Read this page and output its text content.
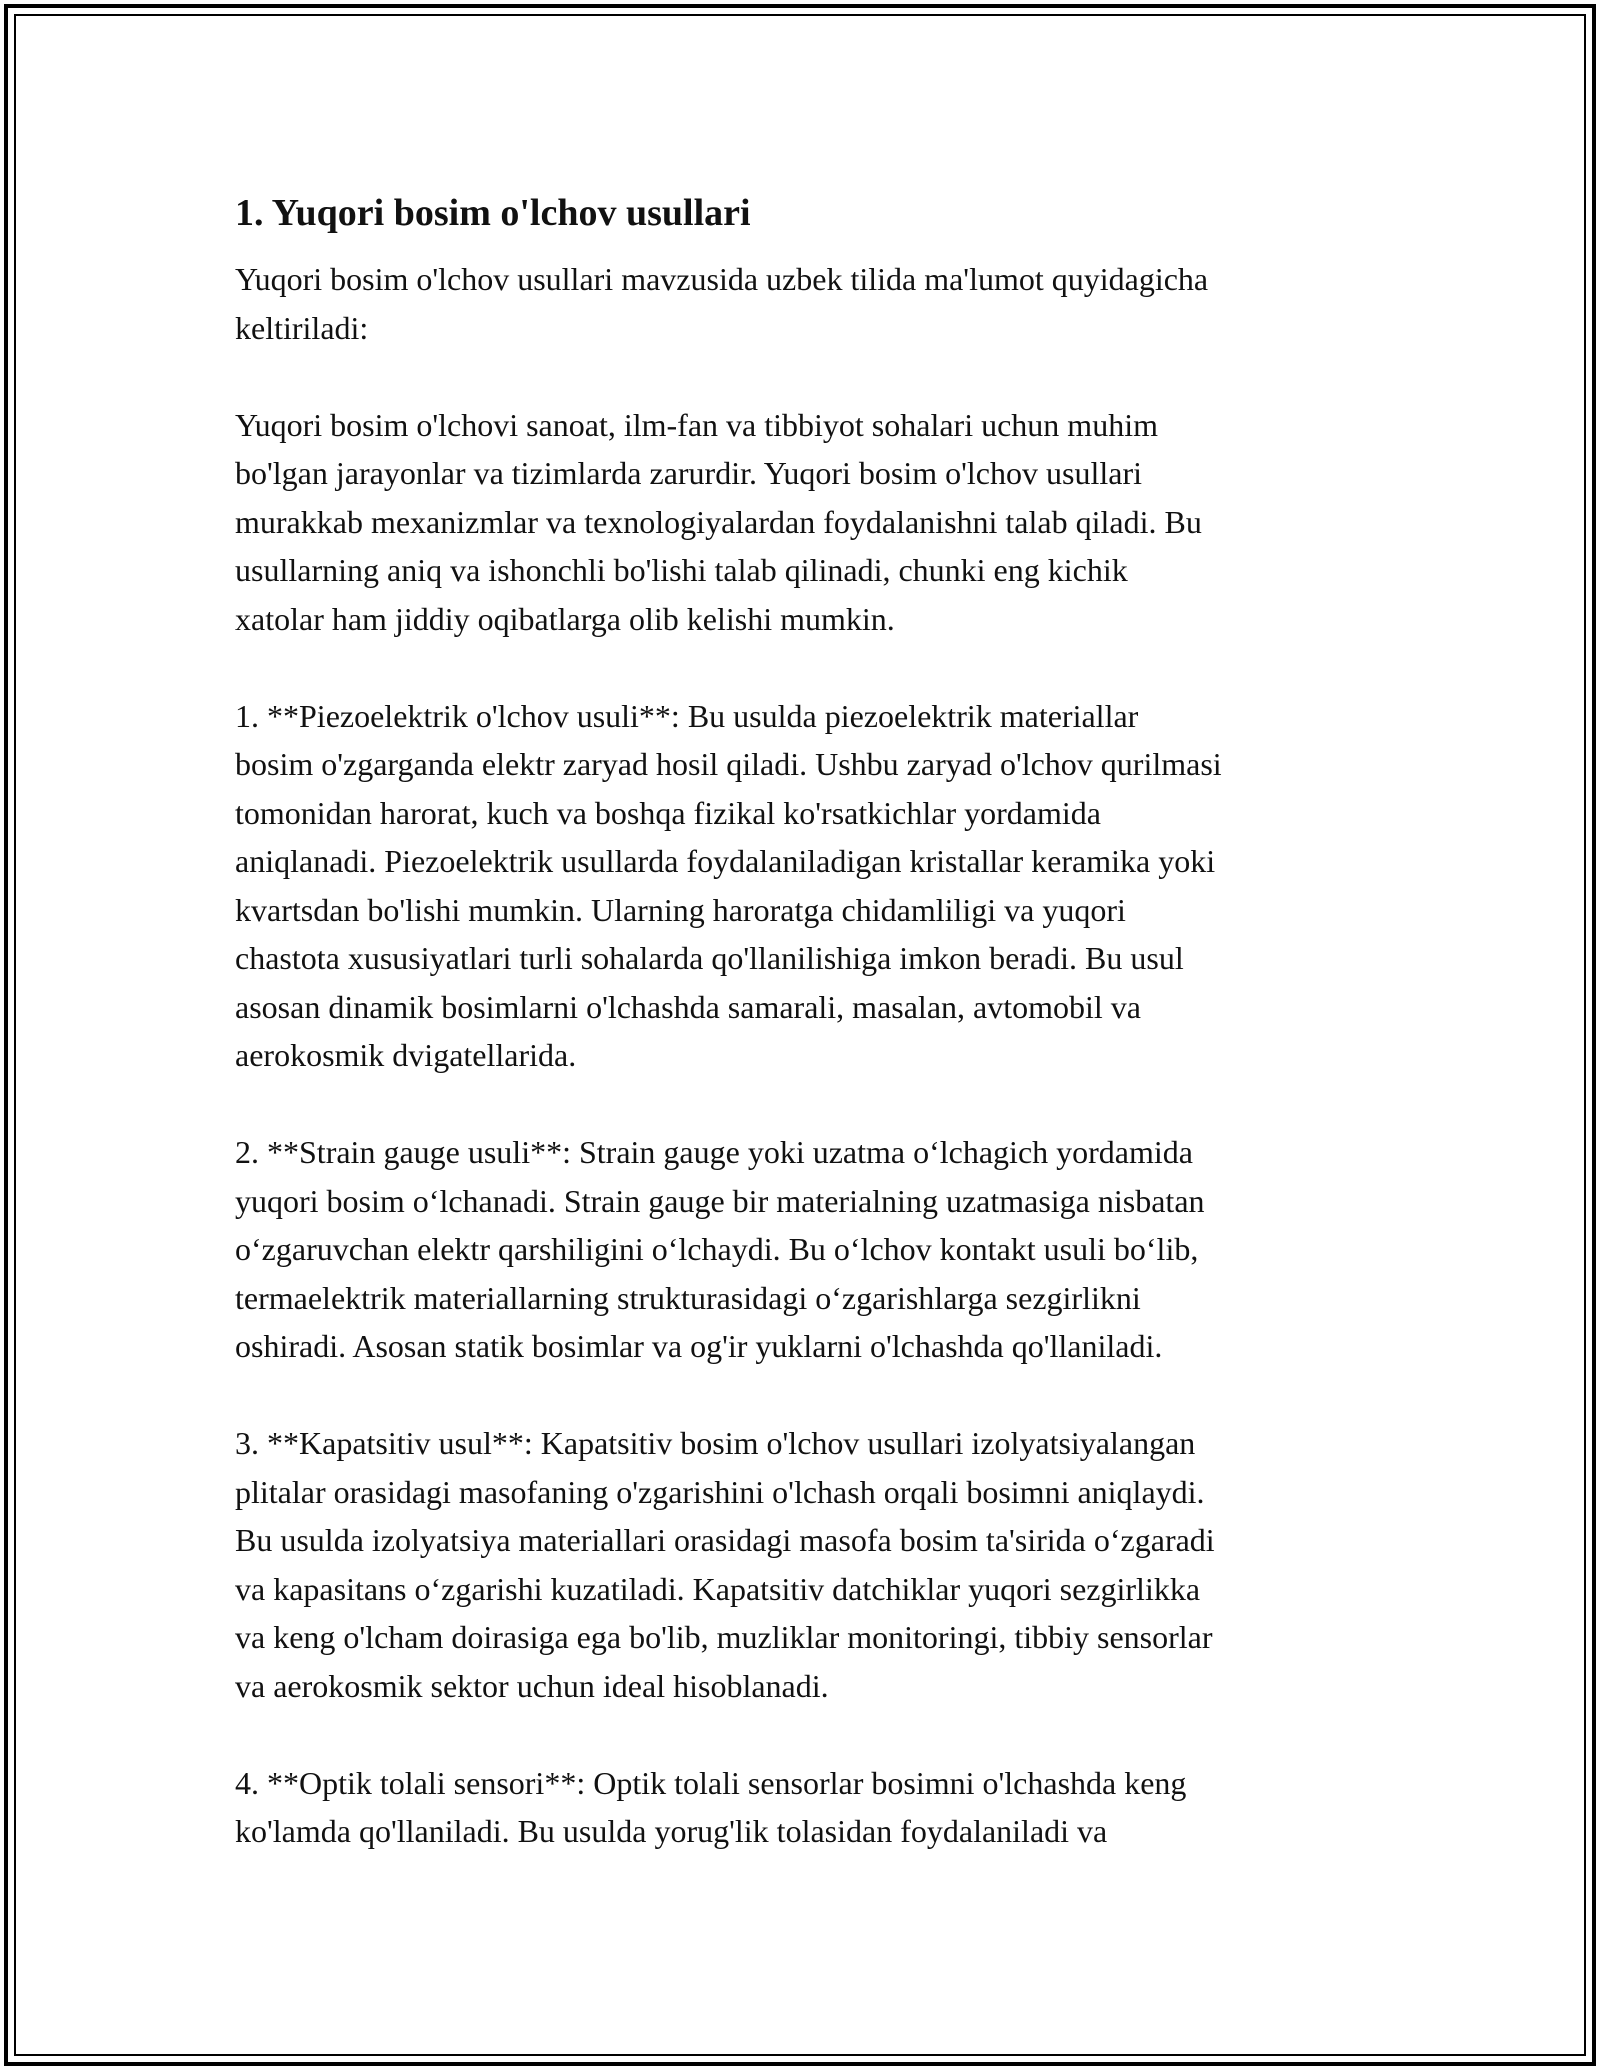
1. Yuqori bosim o'lchov usullari

Yuqori bosim o'lchov usullari mavzusida uzbek tilida ma'lumot quyidagicha
keltiriladi:

Yuqori bosim o'lchovi sanoat, ilm-fan va tibbiyot sohalari uchun muhim
bo'lgan jarayonlar va tizimlarda zarurdir. Yuqori bosim o'lchov usullari
murakkab mexanizmlar va texnologiyalardan foydalanishni talab qiladi. Bu
usullarning aniq va ishonchli bo'lishi talab qilinadi, chunki eng kichik
xatolar ham jiddiy oqibatlarga olib kelishi mumkin.

1. **Piezoelektrik o'lchov usuli**: Bu usulda piezoelektrik materiallar
bosim o'zgarganda elektr zaryad hosil qiladi. Ushbu zaryad o'lchov qurilmasi
tomonidan harorat, kuch va boshqa fizikal ko'rsatkichlar yordamida
aniqlanadi. Piezoelektrik usullarda foydalaniladigan kristallar keramika yoki
kvartsdan bo'lishi mumkin. Ularning haroratga chidamliligi va yuqori
chastota xususiyatlari turli sohalarda qo'llanilishiga imkon beradi. Bu usul
asosan dinamik bosimlarni o'lchashda samarali, masalan, avtomobil va
aerokosmik dvigatellarida.

2. **Strain gauge usuli**: Strain gauge yoki uzatma o‘lchagich yordamida
yuqori bosim o‘lchanadi. Strain gauge bir materialning uzatmasiga nisbatan
o‘zgaruvchan elektr qarshiligini o‘lchaydi. Bu o‘lchov kontakt usuli bo‘lib,
termaelektrik materiallarning strukturasidagi o‘zgarishlarga sezgirlikni
oshiradi. Asosan statik bosimlar va og'ir yuklarni o'lchashda qo'llaniladi.

3. **Kapatsitiv usul**: Kapatsitiv bosim o'lchov usullari izolyatsiyalangan
plitalar orasidagi masofaning o'zgarishini o'lchash orqali bosimni aniqlaydi.
Bu usulda izolyatsiya materiallari orasidagi masofa bosim ta'sirida o‘zgaradi
va kapasitans o‘zgarishi kuzatiladi. Kapatsitiv datchiklar yuqori sezgirlikka
va keng o'lcham doirasiga ega bo'lib, muzliklar monitoringi, tibbiy sensorlar
va aerokosmik sektor uchun ideal hisoblanadi.

4. **Optik tolali sensori**: Optik tolali sensorlar bosimni o'lchashda keng
ko'lamda qo'llaniladi. Bu usulda yorug'lik tolasidan foydalaniladi va
